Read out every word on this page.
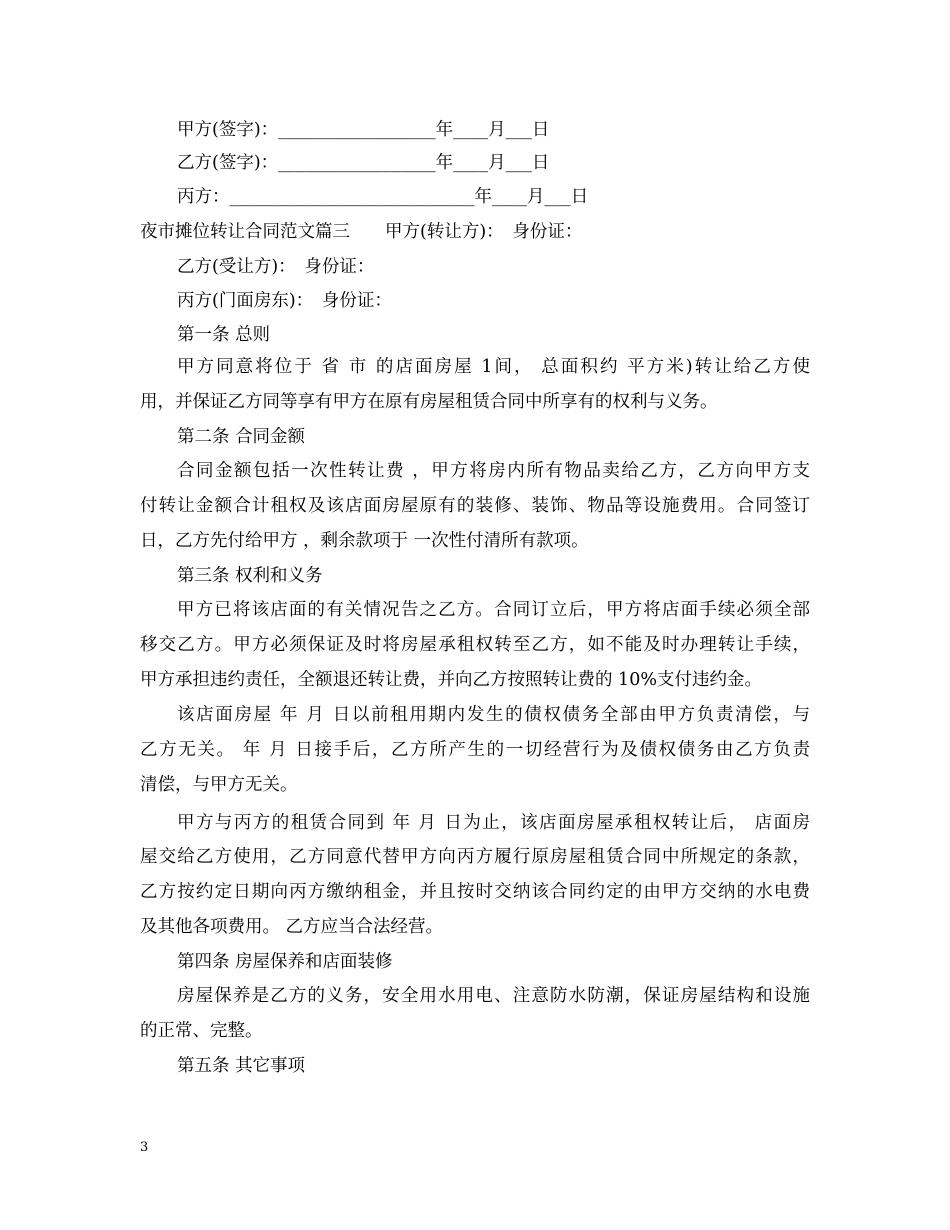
甲方(签字)：__________________年____月___日
乙方(签字)：__________________年____月___日
丙方：____________________________年____月___日
夜市摊位转让合同范文篇三　　甲方(转让方)：　身份证：
乙方(受让方)：　身份证：
丙方(门面房东)：　身份证：
第一条 总则
甲方同意将位于 省 市 的店面房屋 1间， 总面积约 平方米)转让给乙方使
用，并保证乙方同等享有甲方在原有房屋租赁合同中所享有的权利与义务。
第二条 合同金额
合同金额包括一次性转让费 ，甲方将房内所有物品卖给乙方，乙方向甲方支
付转让金额合计租权及该店面房屋原有的装修、装饰、物品等设施费用。合同签订
日，乙方先付给甲方 ，剩余款项于 一次性付清所有款项。
第三条 权利和义务
甲方已将该店面的有关情况告之乙方。合同订立后，甲方将店面手续必须全部
移交乙方。甲方必须保证及时将房屋承租权转至乙方，如不能及时办理转让手续，
甲方承担违约责任，全额退还转让费，并向乙方按照转让费的 10%支付违约金。
该店面房屋 年 月 日以前租用期内发生的债权债务全部由甲方负责清偿，与
乙方无关。 年 月 日接手后，乙方所产生的一切经营行为及债权债务由乙方负责
清偿，与甲方无关。
甲方与丙方的租赁合同到 年 月 日为止，该店面房屋承租权转让后， 店面房
屋交给乙方使用，乙方同意代替甲方向丙方履行原房屋租赁合同中所规定的条款，
乙方按约定日期向丙方缴纳租金，并且按时交纳该合同约定的由甲方交纳的水电费
及其他各项费用。 乙方应当合法经营。
第四条 房屋保养和店面装修
房屋保养是乙方的义务，安全用水用电、注意防水防潮，保证房屋结构和设施
的正常、完整。
第五条 其它事项
3
